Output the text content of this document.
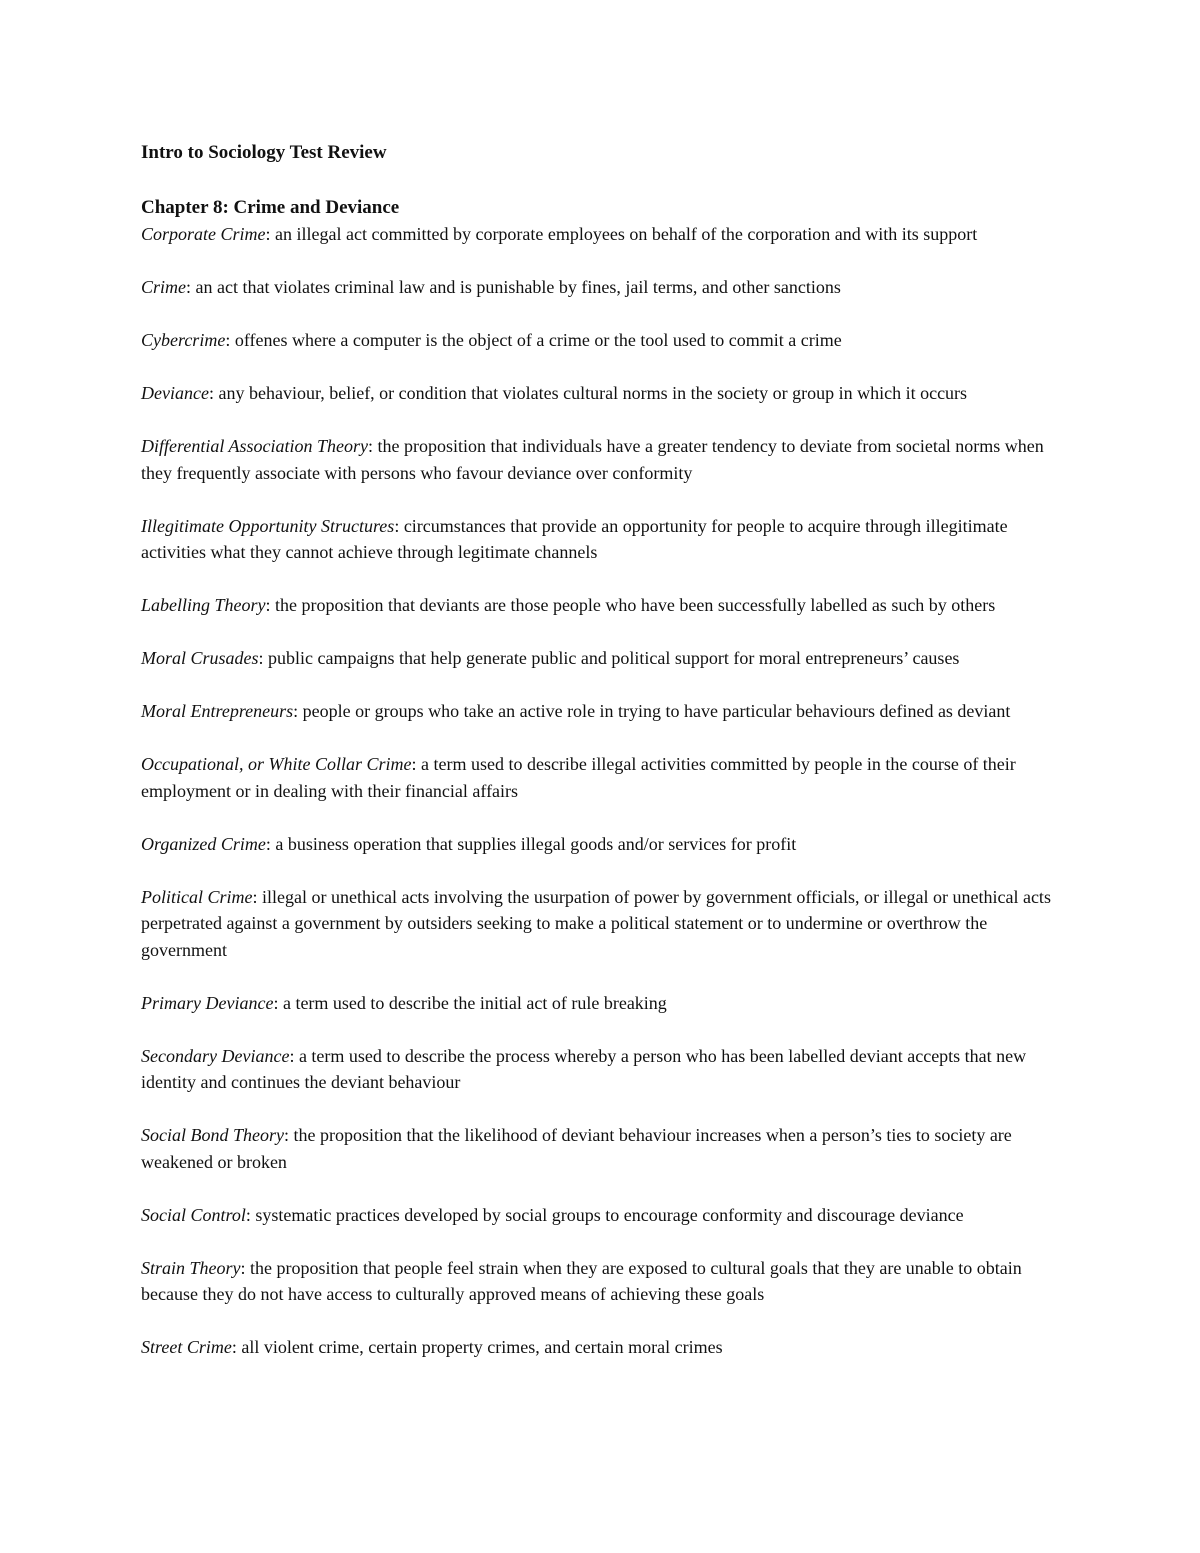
Intro to Sociology Test Review

Chapter 8: Crime and Deviance

Corporate Crime: an illegal act committed by corporate employees on behalf of the corporation and with its support

Crime: an act that violates criminal law and is punishable by fines, jail terms, and other sanctions

Cybercrime: offenes where a computer is the object of a crime or the tool used to commit a crime

Deviance: any behaviour, belief, or condition that violates cultural norms in the society or group in which it occurs

Differential Association Theory: the proposition that individuals have a greater tendency to deviate from societal norms when they frequently associate with persons who favour deviance over conformity

Illegitimate Opportunity Structures: circumstances that provide an opportunity for people to acquire through illegitimate activities what they cannot achieve through legitimate channels

Labelling Theory: the proposition that deviants are those people who have been successfully labelled as such by others

Moral Crusades: public campaigns that help generate public and political support for moral entrepreneurs’ causes

Moral Entrepreneurs: people or groups who take an active role in trying to have particular behaviours defined as deviant

Occupational, or White Collar Crime: a term used to describe illegal activities committed by people in the course of their employment or in dealing with their financial affairs

Organized Crime: a business operation that supplies illegal goods and/or services for profit

Political Crime: illegal or unethical acts involving the usurpation of power by government officials, or illegal or unethical acts perpetrated against a government by outsiders seeking to make a political statement or to undermine or overthrow the government

Primary Deviance: a term used to describe the initial act of rule breaking

Secondary Deviance: a term used to describe the process whereby a person who has been labelled deviant accepts that new identity and continues the deviant behaviour

Social Bond Theory: the proposition that the likelihood of deviant behaviour increases when a person’s ties to society are weakened or broken

Social Control: systematic practices developed by social groups to encourage conformity and discourage deviance

Strain Theory: the proposition that people feel strain when they are exposed to cultural goals that they are unable to obtain because they do not have access to culturally approved means of achieving these goals

Street Crime: all violent crime, certain property crimes, and certain moral crimes
